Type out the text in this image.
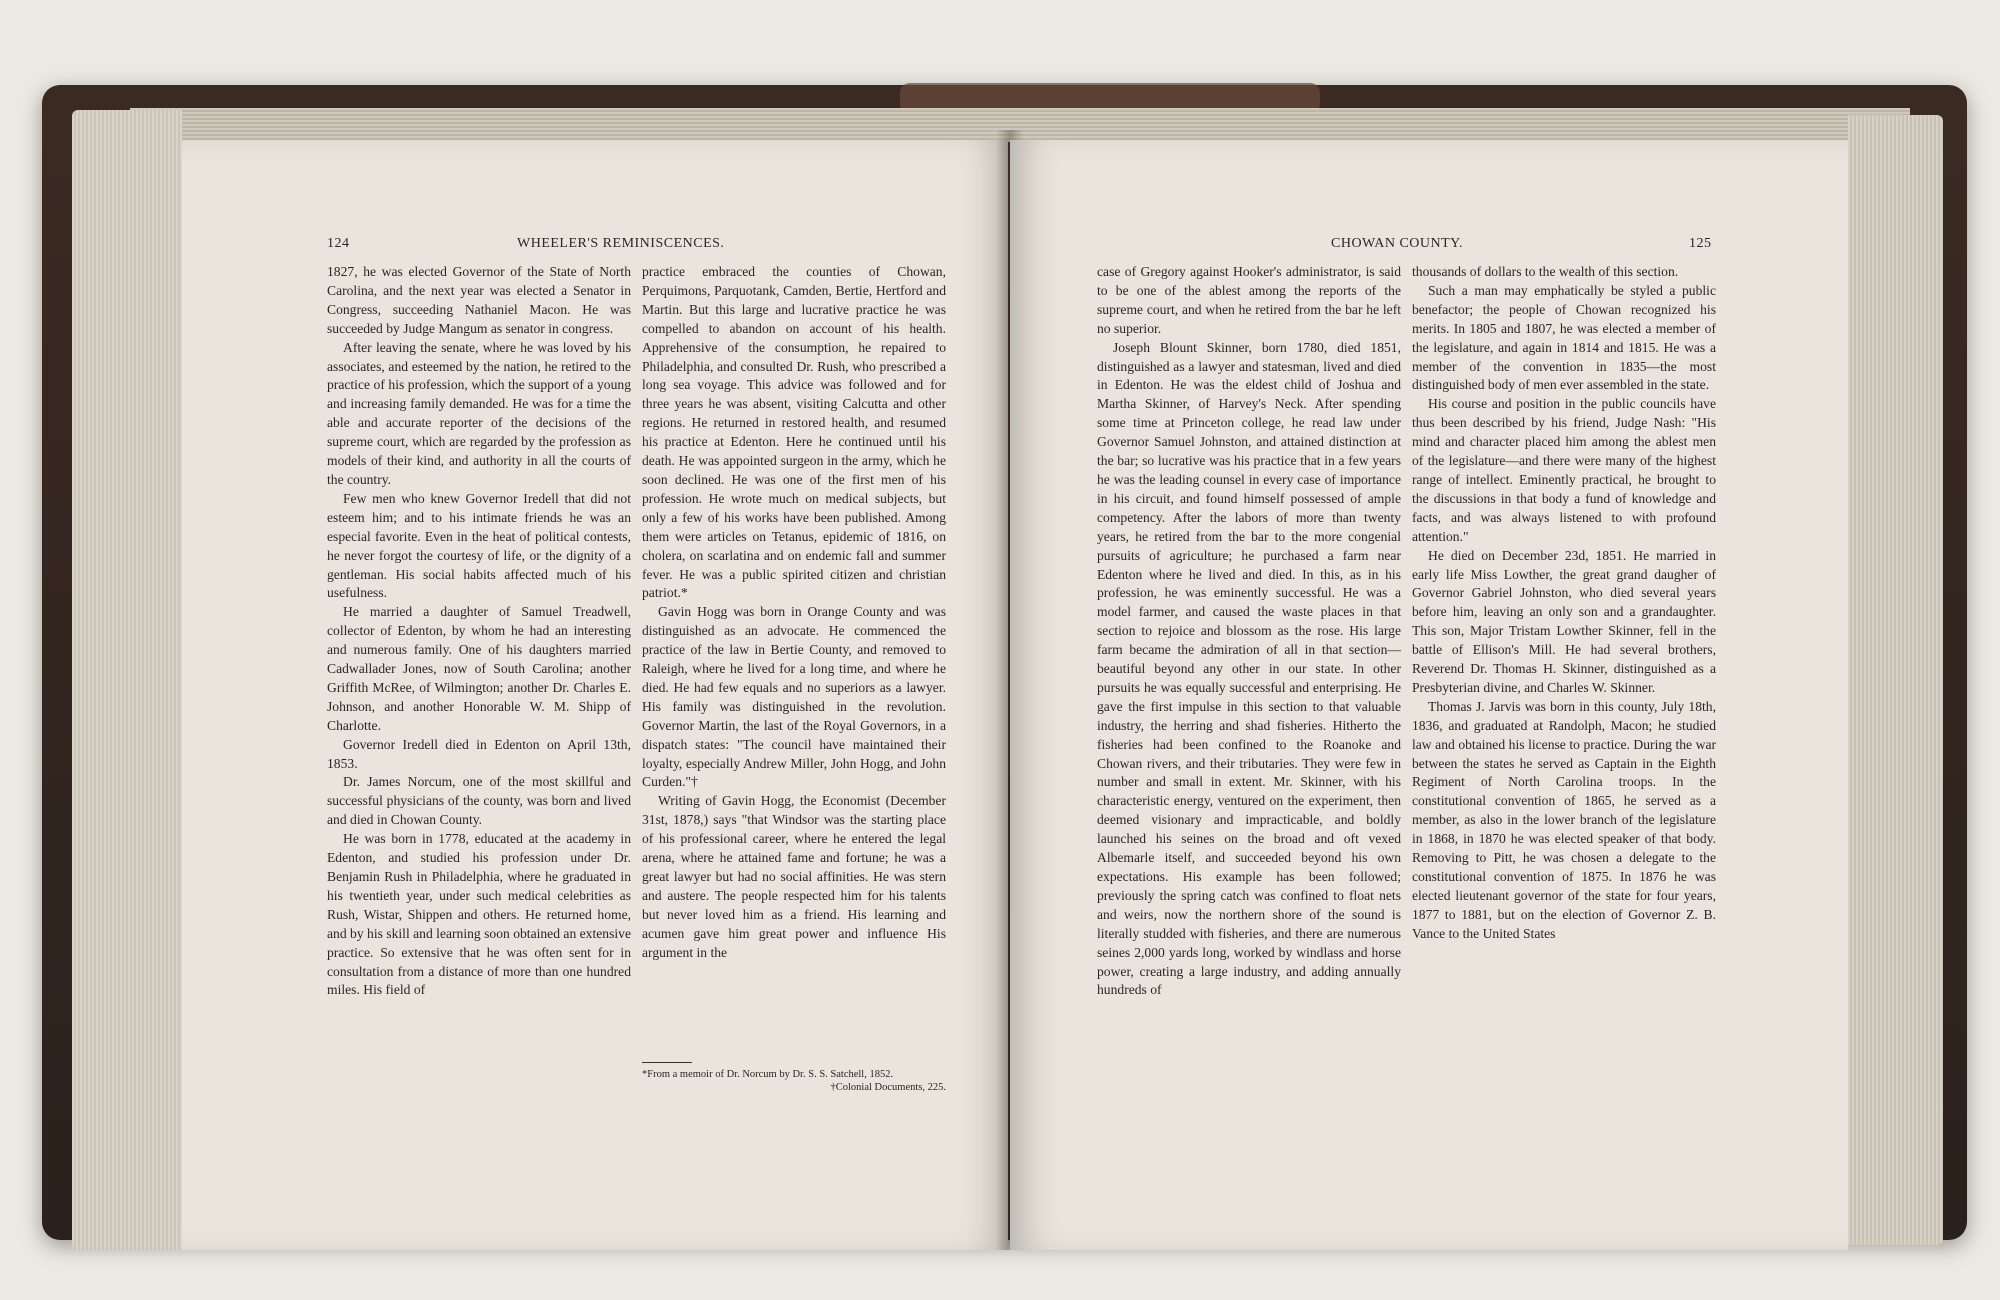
124	WHEELER'S REMINISCENCES.

1827, he was elected Governor of the State of North Carolina, and the next year was elected a Senator in Congress, succeeding Nathaniel Macon. He was succeeded by Judge Mangum as senator in congress.

After leaving the senate, where he was loved by his associates, and esteemed by the nation, he retired to the practice of his profession, which the support of a young and increasing family demanded. He was for a time the able and accurate reporter of the decisions of the supreme court, which are regarded by the profession as models of their kind, and authority in all the courts of the country.

Few men who knew Governor Iredell that did not esteem him; and to his intimate friends he was an especial favorite. Even in the heat of political contests, he never forgot the courtesy of life, or the dignity of a gentleman. His social habits affected much of his usefulness.

He married a daughter of Samuel Treadwell, collector of Edenton, by whom he had an interesting and numerous family. One of his daughters married Cadwallader Jones, now of South Carolina; another Griffith McRee, of Wilmington; another Dr. Charles E. Johnson, and another Honorable W. M. Shipp of Charlotte.

Governor Iredell died in Edenton on April 13th, 1853.

Dr. James Norcum, one of the most skillful and successful physicians of the county, was born and lived and died in Chowan County.

He was born in 1778, educated at the academy in Edenton, and studied his profession under Dr. Benjamin Rush in Philadelphia, where he graduated in his twentieth year, under such medical celebrities as Rush, Wistar, Shippen and others. He returned home, and by his skill and learning soon obtained an extensive practice. So extensive that he was often sent for in consultation from a distance of more than one hundred miles. His field of

practice embraced the counties of Chowan, Perquimons, Parquotank, Camden, Bertie, Hertford and Martin. But this large and lucrative practice he was compelled to abandon on account of his health. Apprehensive of the consumption, he repaired to Philadelphia, and consulted Dr. Rush, who prescribed a long sea voyage. This advice was followed and for three years he was absent, visiting Calcutta and other regions. He returned in restored health, and resumed his practice at Edenton. Here he continued until his death. He was appointed surgeon in the army, which he soon declined. He was one of the first men of his profession. He wrote much on medical subjects, but only a few of his works have been published. Among them were articles on Tetanus, epidemic of 1816, on cholera, on scarlatina and on endemic fall and summer fever. He was a public spirited citizen and christian patriot.*

Gavin Hogg was born in Orange County and was distinguished as an advocate. He commenced the practice of the law in Bertie County, and removed to Raleigh, where he lived for a long time, and where he died. He had few equals and no superiors as a lawyer. His family was distinguished in the revolution. Governor Martin, the last of the Royal Governors, in a dispatch states: "The council have maintained their loyalty, especially Andrew Miller, John Hogg, and John Curden."†

Writing of Gavin Hogg, the Economist (December 31st, 1878,) says "that Windsor was the starting place of his professional career, where he entered the legal arena, where he attained fame and fortune; he was a great lawyer but had no social affinities. He was stern and austere. The people respected him for his talents but never loved him as a friend. His learning and acumen gave him great power and influence His argument in the

*From a memoir of Dr. Norcum by Dr. S. S. Satchell, 1852.
†Colonial Documents, 225.
CHOWAN COUNTY.	125

case of Gregory against Hooker's administrator, is said to be one of the ablest among the reports of the supreme court, and when he retired from the bar he left no superior.

Joseph Blount Skinner, born 1780, died 1851, distinguished as a lawyer and statesman, lived and died in Edenton. He was the eldest child of Joshua and Martha Skinner, of Harvey's Neck. After spending some time at Princeton college, he read law under Governor Samuel Johnston, and attained distinction at the bar; so lucrative was his practice that in a few years he was the leading counsel in every case of importance in his circuit, and found himself possessed of ample competency. After the labors of more than twenty years, he retired from the bar to the more congenial pursuits of agriculture; he purchased a farm near Edenton where he lived and died. In this, as in his profession, he was eminently successful. He was a model farmer, and caused the waste places in that section to rejoice and blossom as the rose. His large farm became the admiration of all in that section—beautiful beyond any other in our state. In other pursuits he was equally successful and enterprising. He gave the first impulse in this section to that valuable industry, the herring and shad fisheries. Hitherto the fisheries had been confined to the Roanoke and Chowan rivers, and their tributaries. They were few in number and small in extent. Mr. Skinner, with his characteristic energy, ventured on the experiment, then deemed visionary and impracticable, and boldly launched his seines on the broad and oft vexed Albemarle itself, and succeeded beyond his own expectations. His example has been followed; previously the spring catch was confined to float nets and weirs, now the northern shore of the sound is literally studded with fisheries, and there are numerous seines 2,000 yards long, worked by windlass and horse power, creating a large industry, and adding annually hundreds of

thousands of dollars to the wealth of this section.

Such a man may emphatically be styled a public benefactor; the people of Chowan recognized his merits. In 1805 and 1807, he was elected a member of the legislature, and again in 1814 and 1815. He was a member of the convention in 1835—the most distinguished body of men ever assembled in the state.

His course and position in the public councils have thus been described by his friend, Judge Nash: "His mind and character placed him among the ablest men of the legislature—and there were many of the highest range of intellect. Eminently practical, he brought to the discussions in that body a fund of knowledge and facts, and was always listened to with profound attention."

He died on December 23d, 1851. He married in early life Miss Lowther, the great grand daugher of Governor Gabriel Johnston, who died several years before him, leaving an only son and a grandaughter. This son, Major Tristam Lowther Skinner, fell in the battle of Ellison's Mill. He had several brothers, Reverend Dr. Thomas H. Skinner, distinguished as a Presbyterian divine, and Charles W. Skinner.

Thomas J. Jarvis was born in this county, July 18th, 1836, and graduated at Randolph, Macon; he studied law and obtained his license to practice. During the war between the states he served as Captain in the Eighth Regiment of North Carolina troops. In the constitutional convention of 1865, he served as a member, as also in the lower branch of the legislature in 1868, in 1870 he was elected speaker of that body. Removing to Pitt, he was chosen a delegate to the constitutional convention of 1875. In 1876 he was elected lieutenant governor of the state for four years, 1877 to 1881, but on the election of Governor Z. B. Vance to the United States
